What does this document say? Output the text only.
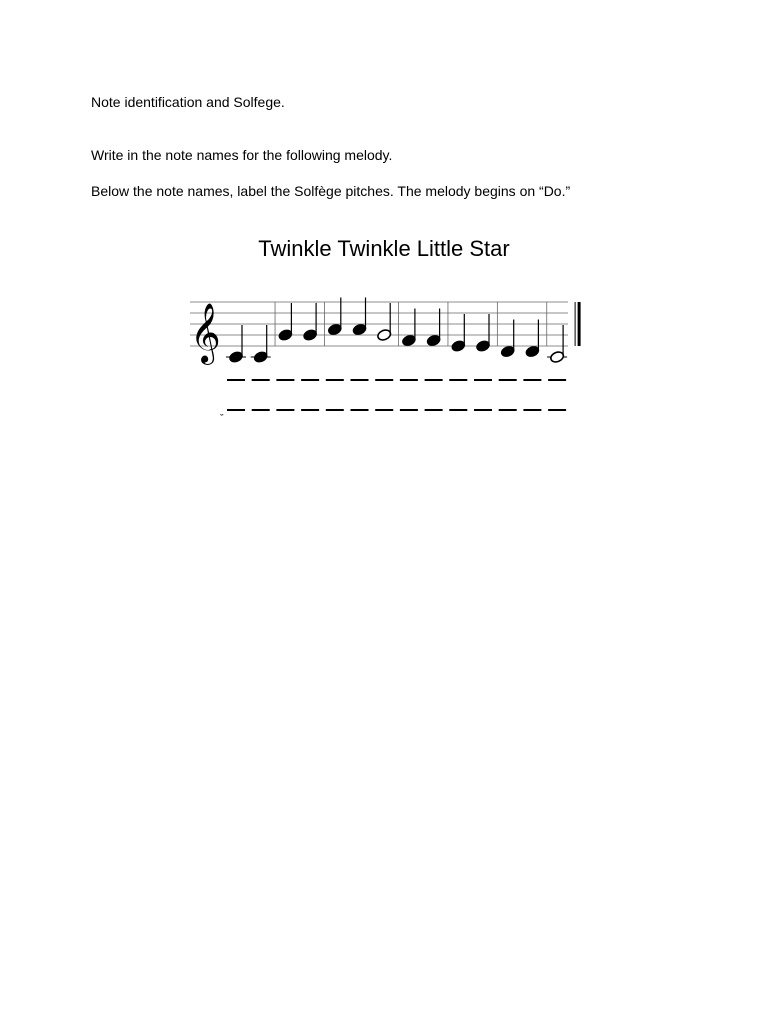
Note identification and Solfege.
Write in the note names for the following melody.
Below the note names, label the Solfège pitches. The melody begins on “Do.”
Twinkle Twinkle Little Star
𝄞
ˇ
